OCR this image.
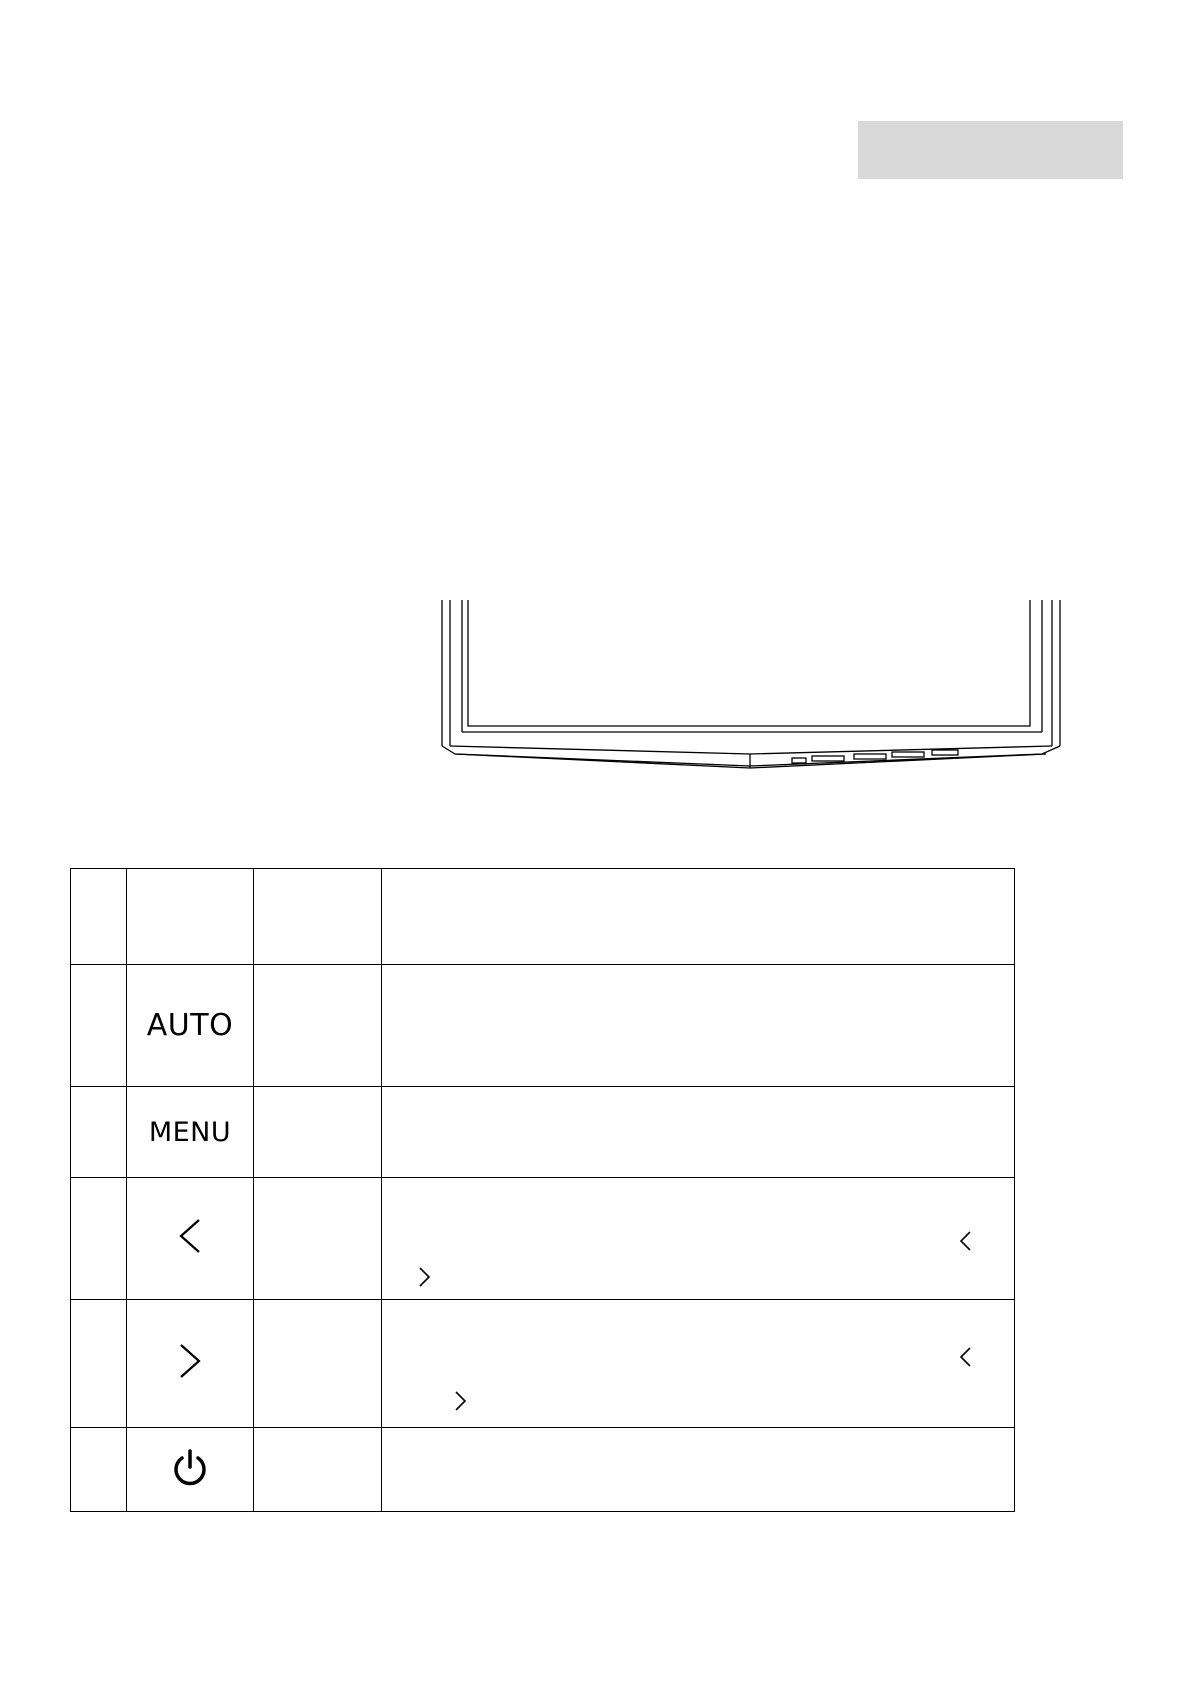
	AUTO		
	MENU		
